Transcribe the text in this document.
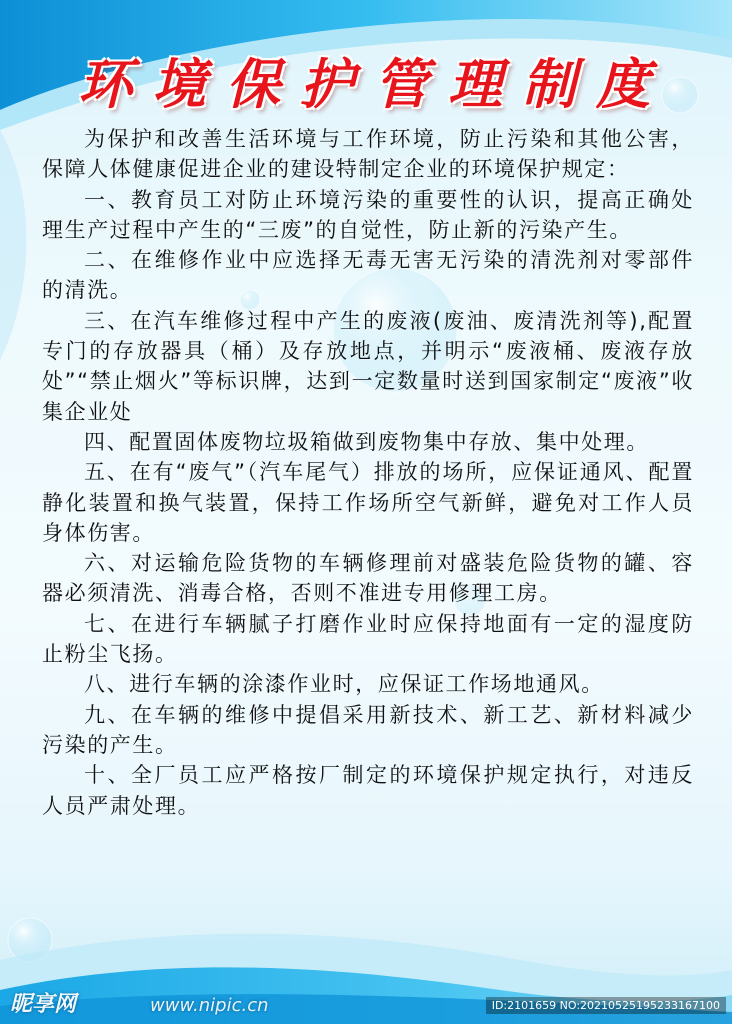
环境保护管理制度

为保护和改善生活环境与工作环境，防止污染和其他公害，保障人体健康促进企业的建设特制定企业的环境保护规定：

一、教育员工对防止环境污染的重要性的认识，提高正确处理生产过程中产生的“三废”的自觉性，防止新的污染产生。

二、在维修作业中应选择无毒无害无污染的清洗剂对零部件的清洗。

三、在汽车维修过程中产生的废液(废油、废清洗剂等),配置专门的存放器具（桶）及存放地点，并明示“废液桶、废液存放处”“禁止烟火”等标识牌，达到一定数量时送到国家制定“废液”收集企业处

四、配置固体废物垃圾箱做到废物集中存放、集中处理。

五、在有“废气”（汽车尾气）排放的场所，应保证通风、配置静化装置和换气装置，保持工作场所空气新鲜，避免对工作人员身体伤害。

六、对运输危险货物的车辆修理前对盛装危险货物的罐、容器必须清洗、消毒合格，否则不准进专用修理工房。

七、在进行车辆腻子打磨作业时应保持地面有一定的湿度防止粉尘飞扬。

八、进行车辆的涂漆作业时，应保证工作场地通风。

九、在车辆的维修中提倡采用新技术、新工艺、新材料减少污染的产生。

十、全厂员工应严格按厂制定的环境保护规定执行，对违反人员严肃处理。

昵享网	www.nipic.cn	ID:2101659 NO:20210525195233167100
